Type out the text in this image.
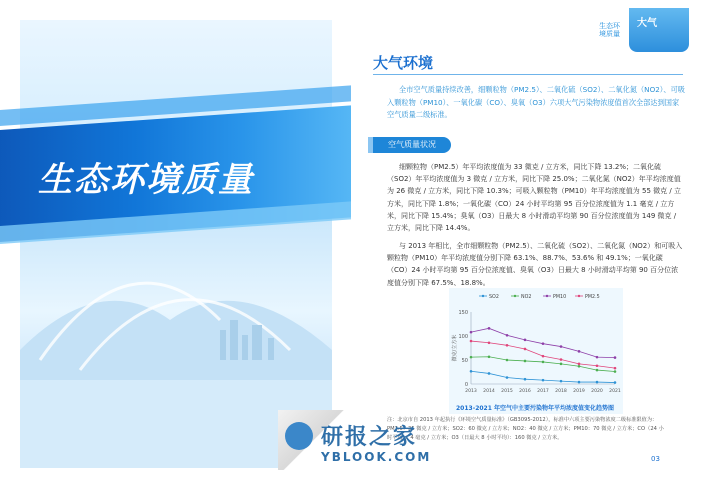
生态环境质量
生态环境质量
大气
大气环境
全市空气质量持续改善，细颗粒物（PM2.5）、二氧化硫（SO2）、二氧化氮（NO2）、可吸入颗粒物（PM10）、一氧化碳（CO）、臭氧（O3）六项大气污染物浓度值首次全部达到国家空气质量二级标准。
空气质量状况
细颗粒物（PM2.5）年平均浓度值为 33 微克 / 立方米，同比下降 13.2%；二氧化硫（SO2）年平均浓度值为 3 微克 / 立方米，同比下降 25.0%；二氧化氮（NO2）年平均浓度值为 26 微克 / 立方米，同比下降 10.3%；可吸入颗粒物（PM10）年平均浓度值为 55 微克 / 立方米，同比下降 1.8%；一氧化碳（CO）24 小时平均第 95 百分位浓度值为 1.1 毫克 / 立方米，同比下降 15.4%；臭氧（O3）日最大 8 小时滑动平均第 90 百分位浓度值为 149 微克 / 立方米，同比下降 14.4%。
与 2013 年相比，全市细颗粒物（PM2.5）、二氧化硫（SO2）、二氧化氮（NO2）和可吸入颗粒物（PM10）年平均浓度值分别下降 63.1%、88.7%、53.6% 和 49.1%；一氧化碳（CO）24 小时平均第 95 百分位浓度值、臭氧（O3）日最大 8 小时滑动平均第 90 百分位浓度值分别下降 67.5%、18.8%。
0
50
100
150
微克/立方米
2013 2014 2015 2016 2017 2018 2019 2020 2021
SO2	NO2	PM10	PM2.5
2013-2021 年空气中主要污染物年平均浓度值变化趋势图
注：北京市自 2013 年起执行《环境空气质量标准》（GB3095-2012），标准中六项主要污染物浓度二级标准限值为：PM2.5：35 微克 / 立方米；SO2：60 微克 / 立方米；NO2：40 微克 / 立方米；PM10：70 微克 / 立方米；CO（24 小时平均）：4 毫克 / 立方米；O3（日最大 8 小时平均）：160 微克 / 立方米。
03
研报之家
YBLOOK.COM
